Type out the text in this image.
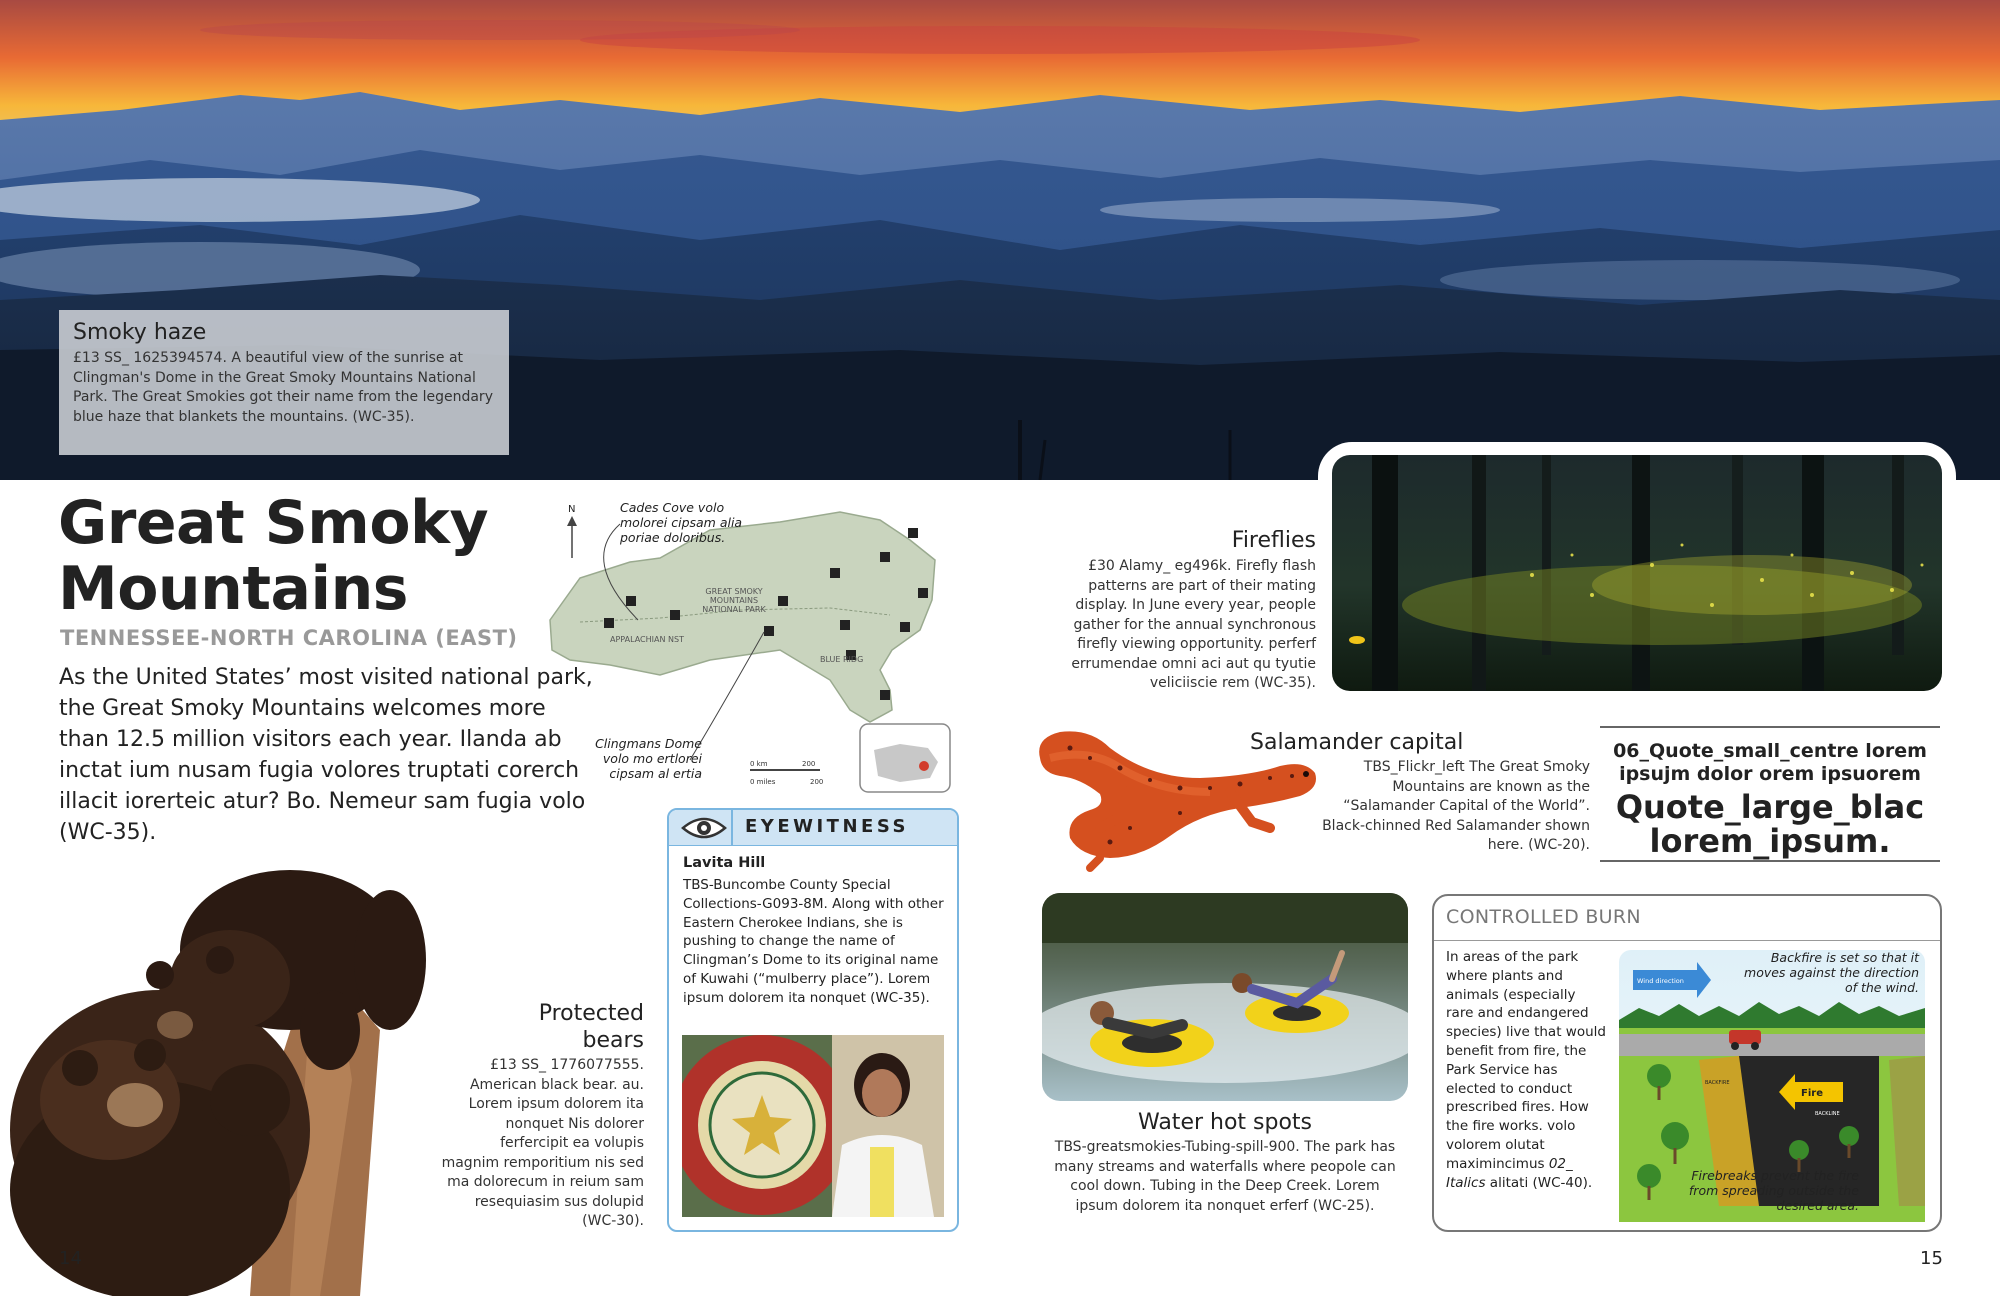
Smoky haze
£13 SS_ 1625394574. A beautiful view of the sunrise at Clingman's Dome in the Great Smoky Mountains National Park. The Great Smokies got their name from the legendary blue haze that blankets the mountains. (WC-35).
Great Smoky
Mountains
TENNESSEE-NORTH CAROLINA (EAST)
As the United States’ most visited national park, the Great Smoky Mountains welcomes more than 12.5 million visitors each year. Ilanda ab inctat ium nusam fugia volores truptati corerch illacit iorerteic atur? Bo. Nemeur sam fugia volo (WC-35).
GREAT SMOKY
MOUNTAINS
NATIONAL PARK
APPALACHIAN NST
BLUE RIDG
N
0 km	200
0 miles	200
Cades Cove volo molorei cipsam alia poriae doloribus.
Clingmans Dome volo mo ertlorei cipsam al ertia
EYEWITNESS
Lavita Hill
TBS-Buncombe County Special Collections-G093-8M. Along with other Eastern Cherokee Indians, she is pushing to change the name of Clingman’s Dome to its original name of Kuwahi (“mulberry place”). Lorem ipsum dolorem ita nonquet (WC-35).
Protected
bears
£13 SS_ 1776077555. American black bear. au. Lorem ipsum dolorem ita nonquet Nis dolorer ferfercipit ea volupis magnim remporitium nis sed ma dolorecum in reium sam resequiasim sus dolupid (WC-30).
Fireflies
£30 Alamy_ eg496k. Firefly flash patterns are part of their mating display. In June every year, people gather for the annual synchronous firefly viewing opportunity. perferf errumendae omni aci aut qu tyutie veliciiscie rem (WC-35).
Salamander capital
TBS_Flickr_left The Great Smoky Mountains are known as the “Salamander Capital of the World”. Black-chinned Red Salamander shown here. (WC-20).
06_Quote_small_centre lorem ipsujm dolor orem ipsuorem
Quote_large_blac lorem_ipsum.
Water hot spots
TBS-greatsmokies-Tubing-spill-900. The park has many streams and waterfalls where peopole can cool down. Tubing in the Deep Creek. Lorem ipsum dolorem ita nonquet erferf (WC-25).
CONTROLLED BURN
In areas of the park where plants and animals (especially rare and endangered species) live that would benefit from fire, the Park Service has elected to conduct prescribed fires. How the fire works. volo volorem olutat maximincimus 02_ Italics alitati (WC-40).
Wind direction
Fire
BACKLINE
BACKFIRE
Backfire is set so that it moves against the direction of the wind.
Firebreaks prevent the fire from spreading outside the desired area.
14	15
